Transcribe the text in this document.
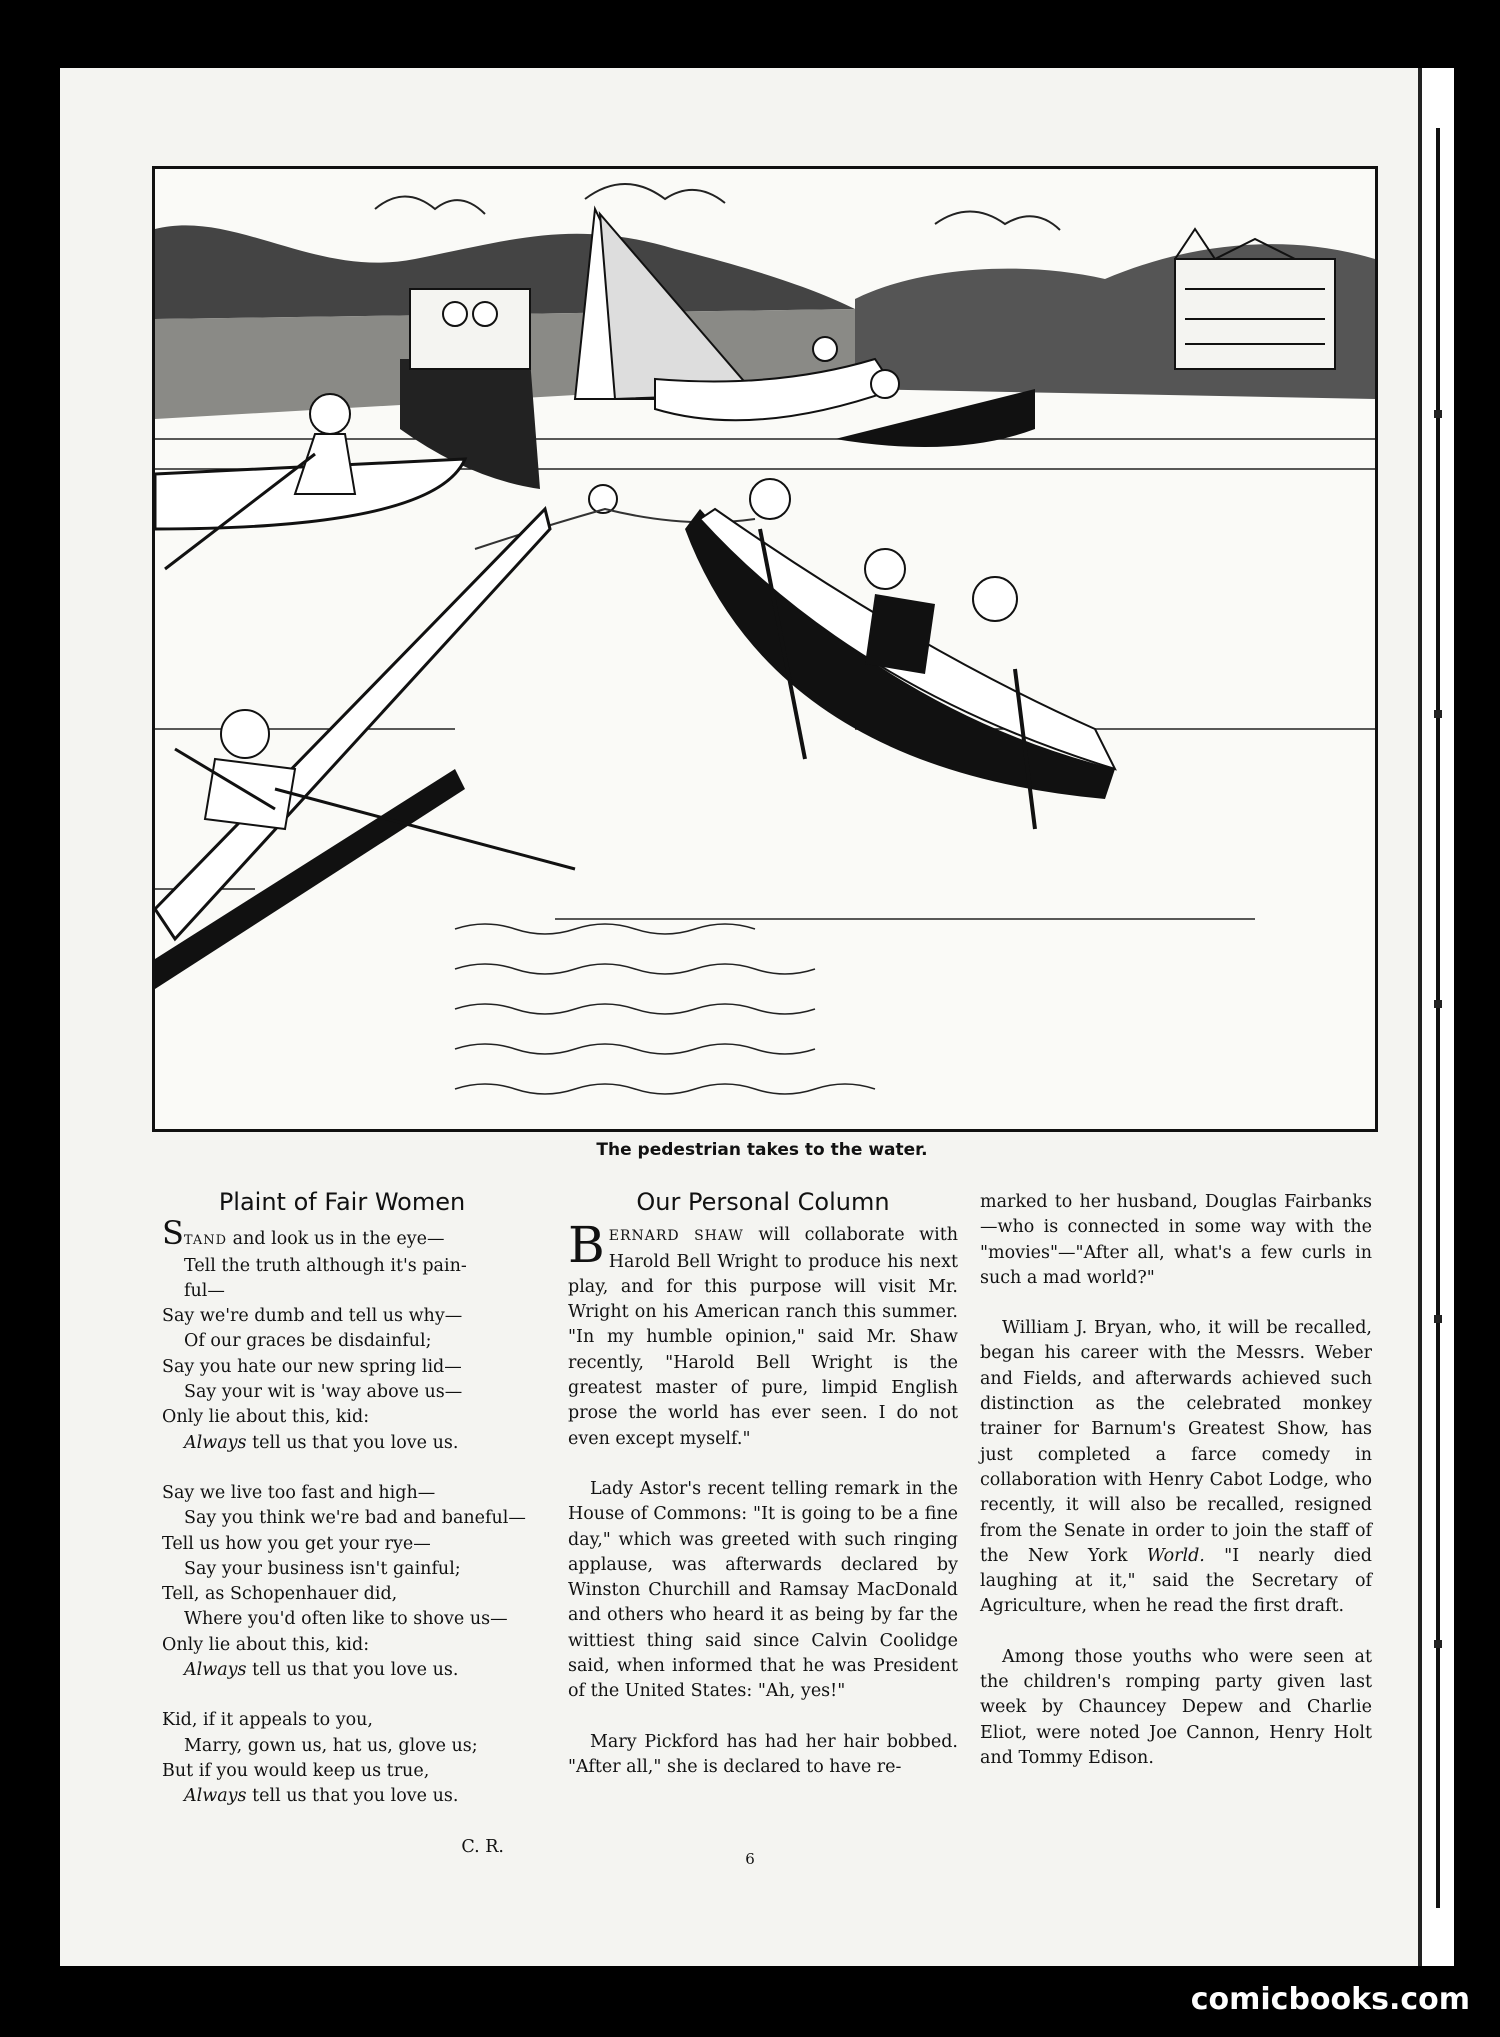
The pedestrian takes to the water.
Plaint of Fair Women

STAND and look us in the eye—

Tell the truth although it's pain-

ful—

Say we're dumb and tell us why—

Of our graces be disdainful;

Say you hate our new spring lid—

Say your wit is 'way above us—

Only lie about this, kid:

Always tell us that you love us.

Say we live too fast and high—

Say you think we're bad and baneful—

Tell us how you get your rye—

Say your business isn't gainful;

Tell, as Schopenhauer did,

Where you'd often like to shove us—

Only lie about this, kid:

Always tell us that you love us.

Kid, if it appeals to you,

Marry, gown us, hat us, glove us;

But if you would keep us true,

Always tell us that you love us.

C. R.
Our Personal Column

BERNARD SHAW will collaborate with Harold Bell Wright to produce his next play, and for this purpose will visit Mr. Wright on his American ranch this summer. "In my humble opinion," said Mr. Shaw recently, "Harold Bell Wright is the greatest master of pure, limpid English prose the world has ever seen. I do not even except myself."

Lady Astor's recent telling remark in the House of Commons: "It is going to be a fine day," which was greeted with such ringing applause, was afterwards declared by Winston Churchill and Ramsay MacDonald and others who heard it as being by far the wittiest thing said since Calvin Coolidge said, when informed that he was President of the United States: "Ah, yes!"

Mary Pickford has had her hair bobbed. "After all," she is declared to have re-

marked to her husband, Douglas Fairbanks—who is connected in some way with the "movies"—"After all, what's a few curls in such a mad world?"

William J. Bryan, who, it will be recalled, began his career with the Messrs. Weber and Fields, and afterwards achieved such distinction as the celebrated monkey trainer for Barnum's Greatest Show, has just completed a farce comedy in collaboration with Henry Cabot Lodge, who recently, it will also be recalled, resigned from the Senate in order to join the staff of the New York World. "I nearly died laughing at it," said the Secretary of Agriculture, when he read the first draft.

Among those youths who were seen at the children's romping party given last week by Chauncey Depew and Charlie Eliot, were noted Joe Cannon, Henry Holt and Tommy Edison.

6
comicbooks.com
